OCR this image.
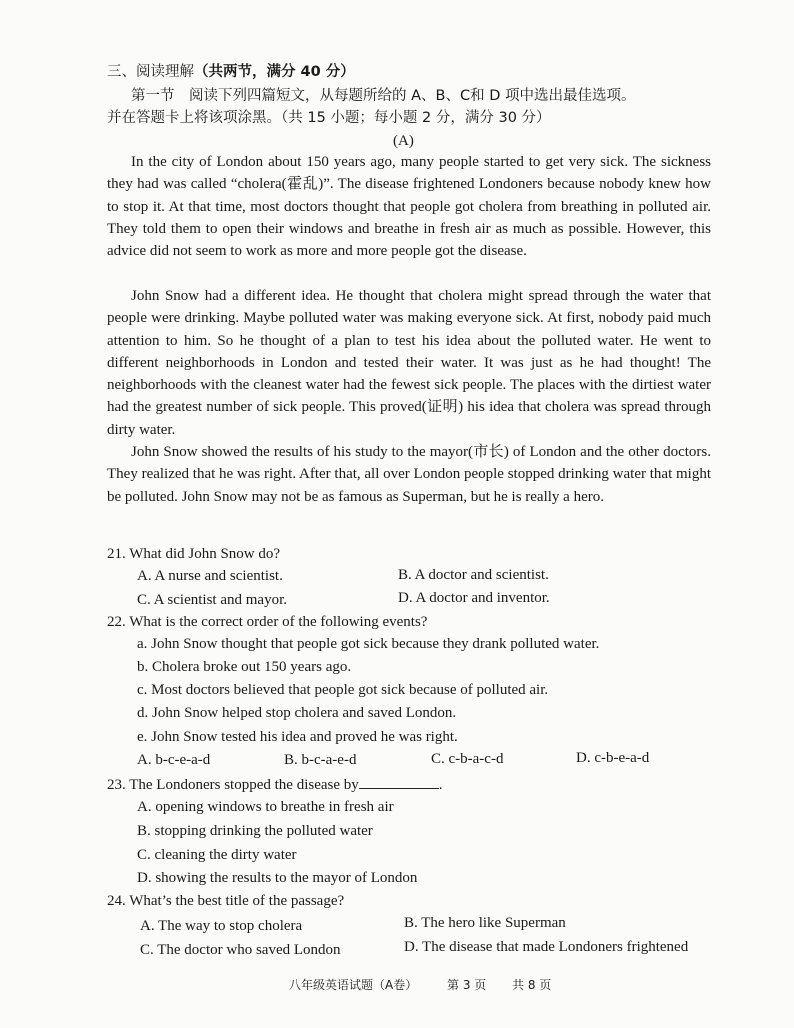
三、阅读理解（共两节，满分 40 分）
第一节　阅读下列四篇短文，从每题所给的 A、B、C和 D 项中选出最佳选项。
并在答题卡上将该项涂黑。（共 15 小题；每小题 2 分，满分 30 分）
(A)
In the city of London about 150 years ago, many people started to get very sick. The sickness they had was called “cholera(霍乱)”. The disease frightened Londoners because nobody knew how to stop it. At that time, most doctors thought that people got cholera from breathing in polluted air. They told them to open their windows and breathe in fresh air as much as possible. However, this advice did not seem to work as more and more people got the disease.
John Snow had a different idea. He thought that cholera might spread through the water that people were drinking. Maybe polluted water was making everyone sick. At first, nobody paid much attention to him. So he thought of a plan to test his idea about the polluted water. He went to different neighborhoods in London and tested their water. It was just as he had thought! The neighborhoods with the cleanest water had the fewest sick people. The places with the dirtiest water had the greatest number of sick people. This proved(证明) his idea that cholera was spread through dirty water.
John Snow showed the results of his study to the mayor(市长) of London and the other doctors. They realized that he was right. After that, all over London people stopped drinking water that might be polluted. John Snow may not be as famous as Superman, but he is really a hero.
21. What did John Snow do?
A. A nurse and scientist.	B. A doctor and scientist.
C. A scientist and mayor.	D. A doctor and inventor.
22. What is the correct order of the following events?
a. John Snow thought that people got sick because they drank polluted water.
b. Cholera broke out 150 years ago.
c. Most doctors believed that people got sick because of polluted air.
d. John Snow helped stop cholera and saved London.
e. John Snow tested his idea and proved he was right.
A. b-c-e-a-d	B. b-c-a-e-d	C. c-b-a-c-d	D. c-b-e-a-d
23. The Londoners stopped the disease by	.
A. opening windows to breathe in fresh air
B. stopping drinking the polluted water
C. cleaning the dirty water
D. showing the results to the mayor of London
24. What’s the best title of the passage?
A. The way to stop cholera	B. The hero like Superman
C. The doctor who saved London	D. The disease that made Londoners frightened
八年级英语试题（A卷） 第 3 页 共 8 页
